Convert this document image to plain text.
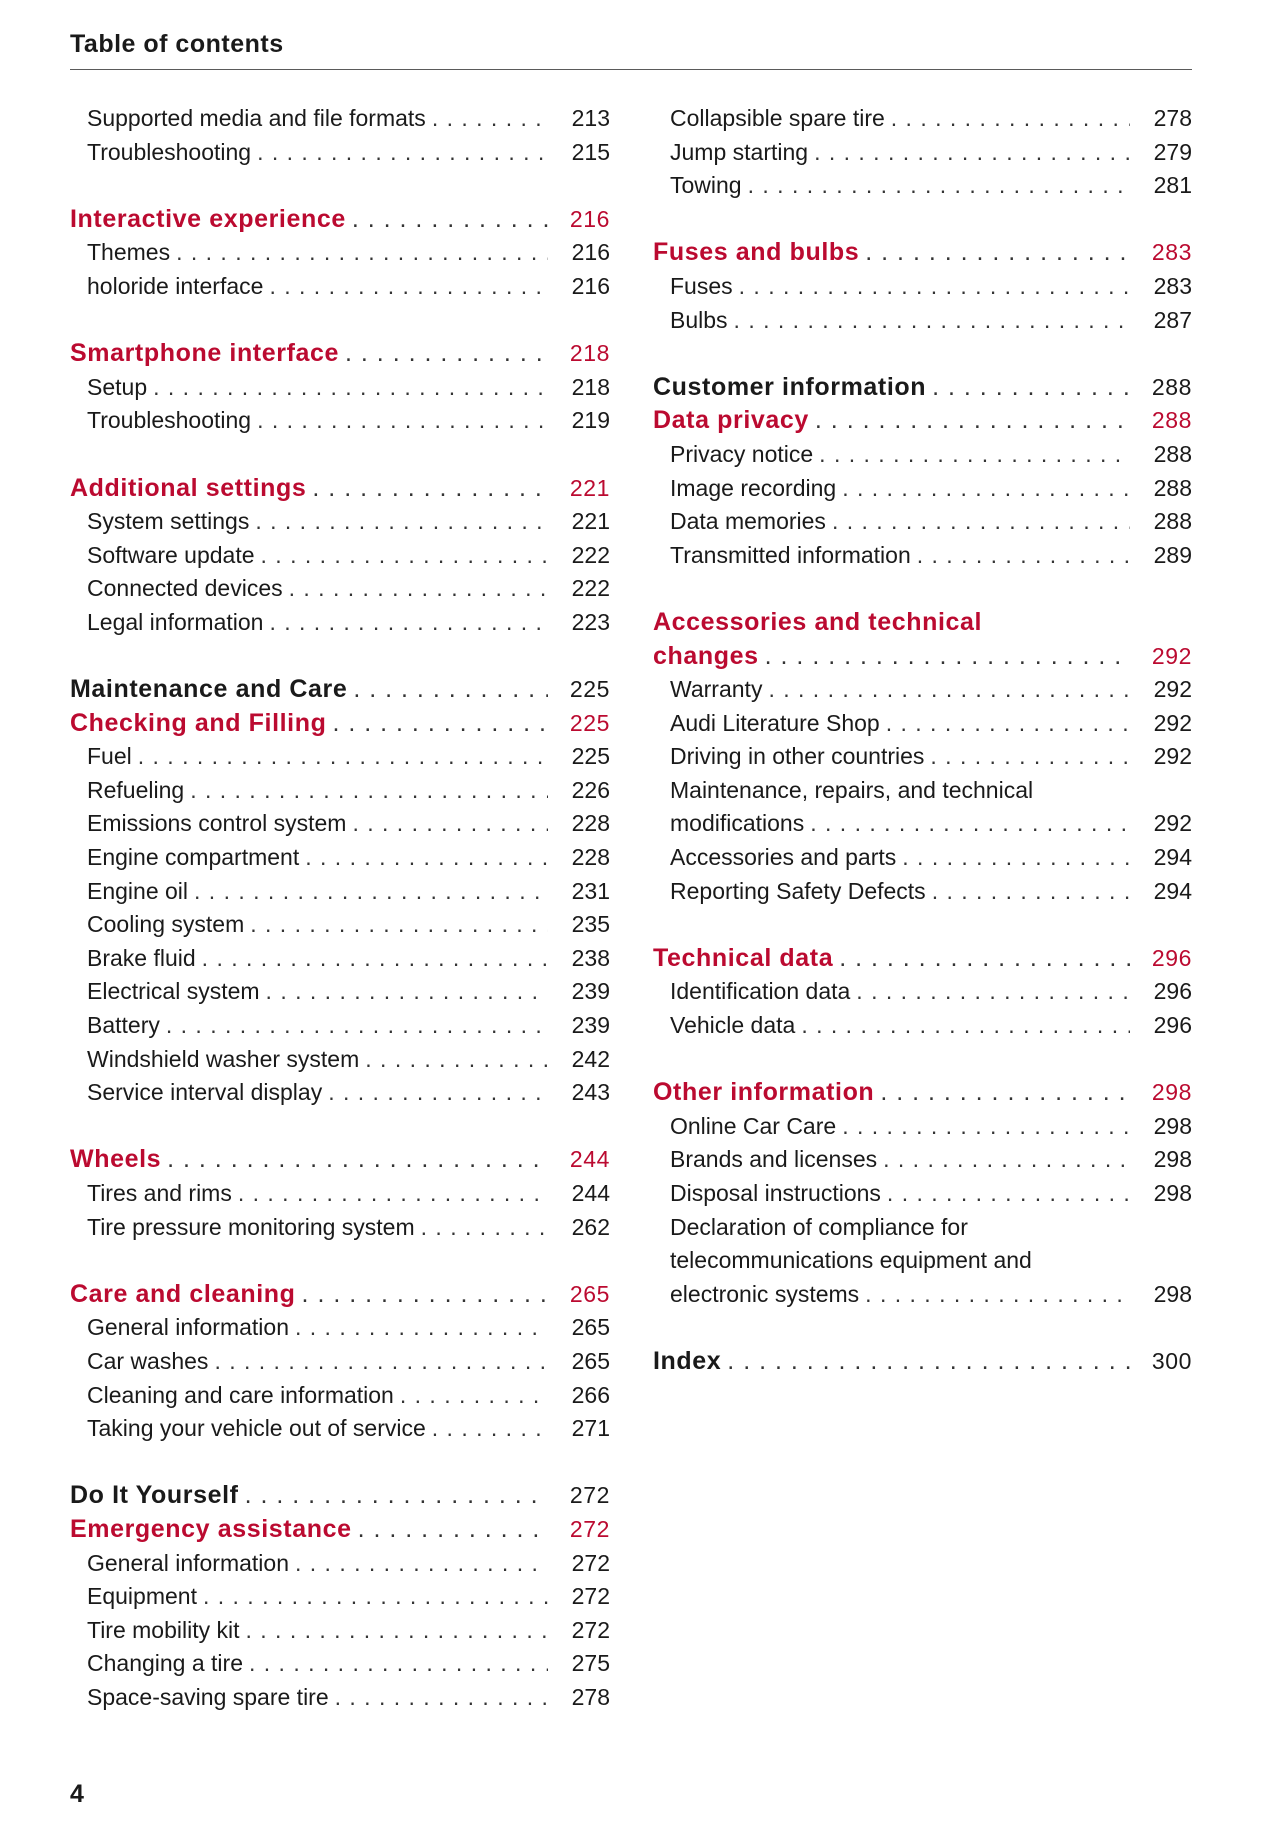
Table of contents
Supported media and file formats . . .	213
Troubleshooting . . .	215
Interactive experience . . .	216
Themes . . .	216
holoride interface . . .	216
Smartphone interface . . .	218
Setup . . .	218
Troubleshooting . . .	219
Additional settings . . .	221
System settings . . .	221
Software update . . .	222
Connected devices . . .	222
Legal information . . .	223
Maintenance and Care . . .	225
Checking and Filling . . .	225
Fuel . . .	225
Refueling . . .	226
Emissions control system . . .	228
Engine compartment . . .	228
Engine oil . . .	231
Cooling system . . .	235
Brake fluid . . .	238
Electrical system . . .	239
Battery . . .	239
Windshield washer system . . .	242
Service interval display . . .	243
Wheels . . .	244
Tires and rims . . .	244
Tire pressure monitoring system . . .	262
Care and cleaning . . .	265
General information . . .	265
Car washes . . .	265
Cleaning and care information . . .	266
Taking your vehicle out of service . . .	271
Do It Yourself . . .	272
Emergency assistance . . .	272
General information . . .	272
Equipment . . .	272
Tire mobility kit . . .	272
Changing a tire . . .	275
Space-saving spare tire . . .	278
Collapsible spare tire . . .	278
Jump starting . . .	279
Towing . . .	281
Fuses and bulbs . . .	283
Fuses . . .	283
Bulbs . . .	287
Customer information . . .	288
Data privacy . . .	288
Privacy notice . . .	288
Image recording . . .	288
Data memories . . .	288
Transmitted information . . .	289
Accessories and technical
changes . . .	292
Warranty . . .	292
Audi Literature Shop . . .	292
Driving in other countries . . .	292
Maintenance, repairs, and technical
modifications . . .	292
Accessories and parts . . .	294
Reporting Safety Defects . . .	294
Technical data . . .	296
Identification data . . .	296
Vehicle data . . .	296
Other information . . .	298
Online Car Care . . .	298
Brands and licenses . . .	298
Disposal instructions . . .	298
Declaration of compliance for
telecommunications equipment and
electronic systems . . .	298
Index . . .	300
4
